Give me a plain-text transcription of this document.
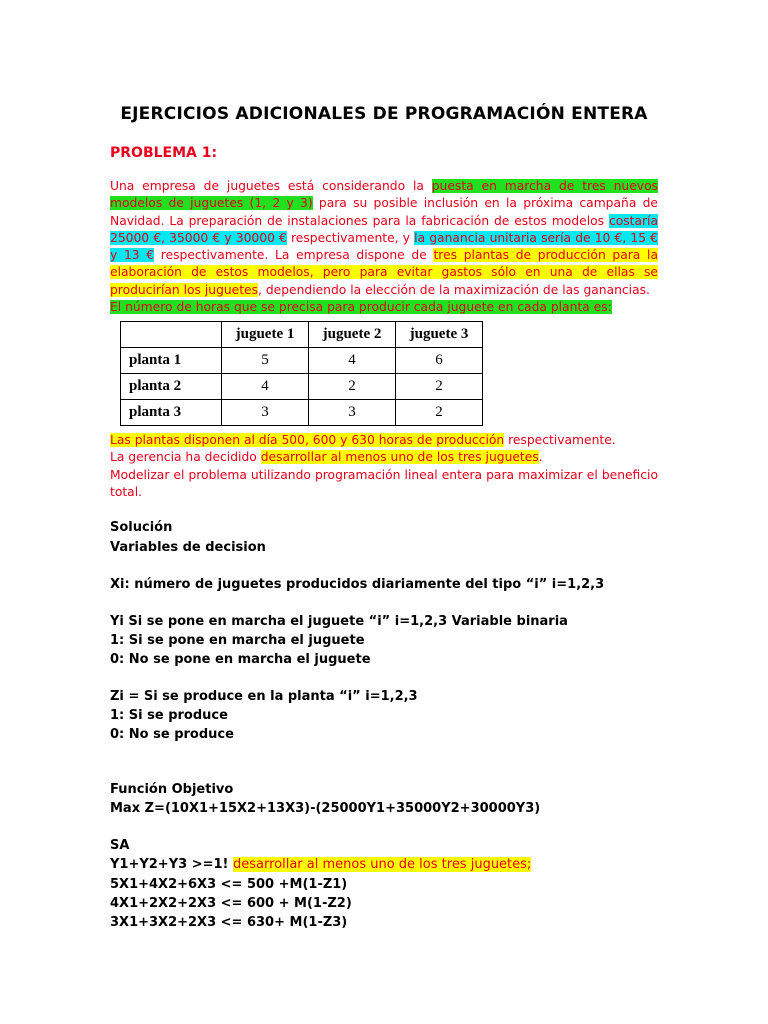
EJERCICIOS ADICIONALES DE PROGRAMACIÓN ENTERA
PROBLEMA 1:
Una empresa de juguetes está considerando la puesta en marcha de tres nuevos modelos de juguetes (1, 2 y 3) para su posible inclusión en la próxima campaña de Navidad. La preparación de instalaciones para la fabricación de estos modelos costaría 25000 €, 35000 € y 30000 € respectivamente, y la ganancia unitaria sería de 10 €, 15 € y 13 € respectivamente. La empresa dispone de tres plantas de producción para la elaboración de estos modelos, pero para evitar gastos sólo en una de ellas se producirían los juguetes, dependiendo la elección de la maximización de las ganancias.
El número de horas que se precisa para producir cada juguete en cada planta es:
	juguete 1	juguete 2	juguete 3
planta 1	5	4	6
planta 2	4	2	2
planta 3	3	3	2
Las plantas disponen al día 500, 600 y 630 horas de producción respectivamente.
La gerencia ha decidido desarrollar al menos uno de los tres juguetes.
Modelizar el problema utilizando programación lineal entera para maximizar el beneficio total.
Solución
Variables de decision
Xi: número de juguetes producidos diariamente del tipo “i” i=1,2,3
Yi Si se pone en marcha el juguete “i” i=1,2,3 Variable binaria
1: Si se pone en marcha el juguete
0: No se pone en marcha el juguete
Zi = Si se produce en la planta “i” i=1,2,3
1: Si se produce
0: No se produce
Función Objetivo
Max Z=(10X1+15X2+13X3)-(25000Y1+35000Y2+30000Y3)
SA
Y1+Y2+Y3 >=1! desarrollar al menos uno de los tres juguetes;
5X1+4X2+6X3 <= 500 +M(1-Z1)
4X1+2X2+2X3 <= 600 + M(1-Z2)
3X1+3X2+2X3 <= 630+ M(1-Z3)
